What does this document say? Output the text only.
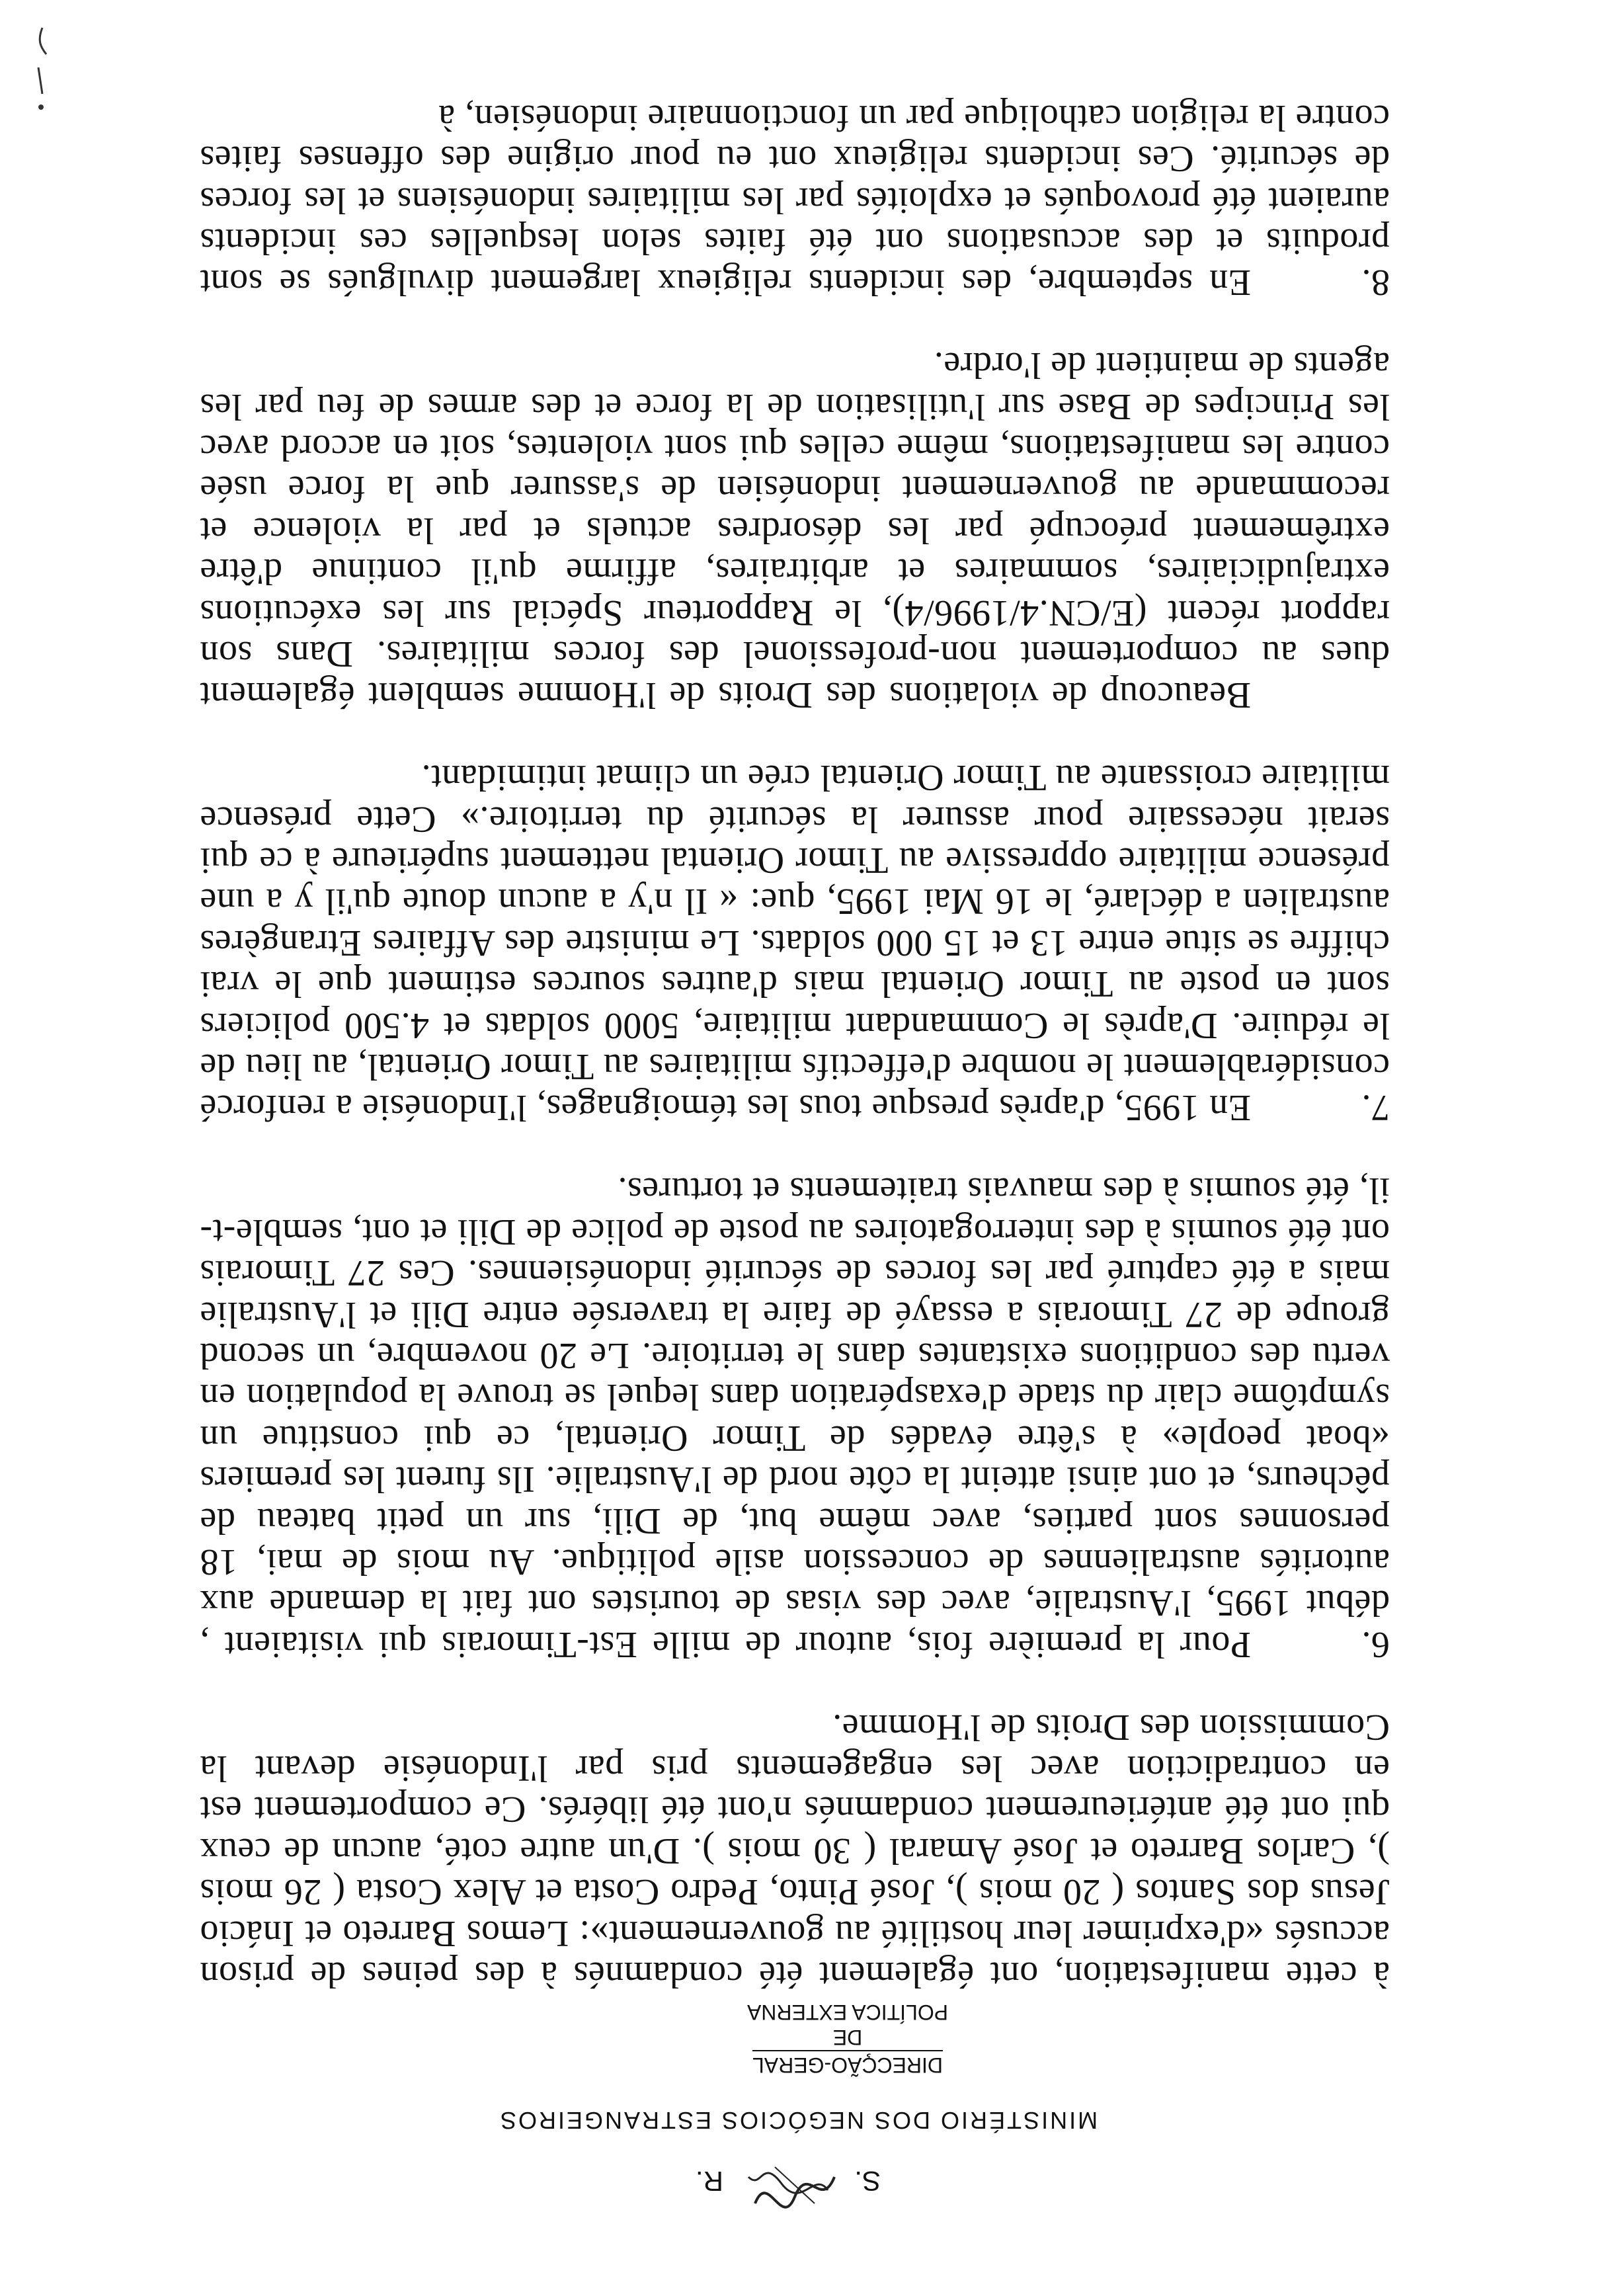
S.
R.
MINISTÉRIO DOS NEGÓCIOS ESTRANGEIROS
DIRECÇÃO-GERAL
DE
POLÍTICA EXTERNA

à cette manifestation, ont également été condamnés à des peines de prison accusés «d'exprimer leur hostilité au gouvernement»: Lemos Barreto et Inácio Jesus dos Santos ( 20 mois ), José Pinto, Pedro Costa et Alex Costa ( 26 mois ), Carlos Barreto et José Amaral ( 30 mois ). D'un autre coté, aucun de ceux qui ont été antérieurement condamnés n'ont été libérés. Ce comportement est en contradiction avec les engagements pris par l'Indonésie devant la Commission des Droits de l'Homme.

6.Pour la première fois, autour de mille Est-Timorais qui visitaient , début 1995, l'Australie, avec des visas de touristes ont fait la demande aux autorités australiennes de concession asile politique. Au mois de mai, 18 personnes sont parties, avec même but, de Dili, sur un petit bateau de pêcheurs, et ont ainsi atteint la côte nord de l'Australie. Ils furent les premiers «boat people» à s'être évadés de Timor Oriental, ce qui constitue un symptôme clair du stade d'exaspération dans lequel se trouve la population en vertu des conditions existantes dans le territoire. Le 20 novembre, un second groupe de 27 Timorais a essayé de faire la traversée entre Dili et l'Australie mais a été capturé par les forces de sécurité indonésiennes. Ces 27 Timorais ont été soumis à des interrogatoires au poste de police de Dili et ont, semble-t-il, été soumis à des mauvais traitements et tortures.

7.En 1995, d'après presque tous les témoignages, l'Indonésie a renforcé considérablement le nombre d'effectifs militaires au Timor Oriental, au lieu de le réduire. D'après le Commandant militaire, 5000 soldats et 4.500 policiers sont en poste au Timor Oriental mais d'autres sources estiment que le vrai chiffre se situe entre 13 et 15 000 soldats. Le ministre des Affaires Etrangères australien a déclaré, le 16 Mai 1995, que: « Il n'y a aucun doute qu'il y a une présence militaire oppressive au Timor Oriental nettement supérieure à ce qui serait nécessaire pour assurer la sécurité du territoire.» Cette présence militaire croissante au Timor Oriental crée un climat intimidant.

Beaucoup de violations des Droits de l'Homme semblent également dues au comportement non-professionel des forces militaires. Dans son rapport récent (E/CN.4/1996/4), le Rapporteur Spécial sur les exécutions extrajudiciaires, sommaires et arbitraires, affirme qu'il continue d'être extrêmement préocupé par les désordres actuels et par la violence et recommande au gouvernement indonésien de s'assurer que la force usée contre les manifestations, même celles qui sont violentes, soit en accord avec les Principes de Base sur l'utilisation de la force et des armes de feu par les agents de maintient de l'ordre.

8.En septembre, des incidents religieux largement divulgués se sont produits et des accusations ont été faites selon lesquelles ces incidents auraient été provoqués et exploités par les militaires indonésiens et les forces de sécurité. Ces incidents religieux ont eu pour origine des offenses faites contre la religion catholique par un fonctionnaire indonésien, à
